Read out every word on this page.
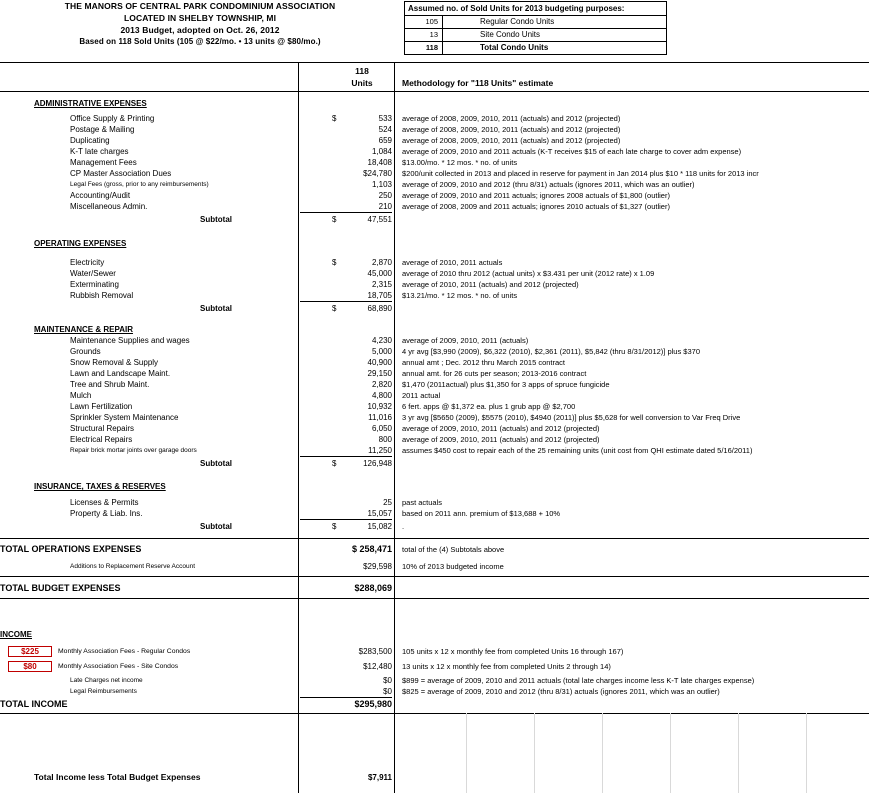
THE MANORS OF CENTRAL PARK CONDOMINIUM ASSOCIATION
LOCATED IN SHELBY TOWNSHIP, MI
2013 Budget, adopted on Oct. 26, 2012
Based on 118 Sold Units (105 @ $22/mo. • 13 units @ $80/mo.)
Assumed no. of Sold Units for 2013 budgeting purposes:
105	Regular Condo Units
13	Site Condo Units
118	Total Condo Units
118
Units	Methodology for "118 Units" estimate
ADMINISTRATIVE EXPENSES
Office Supply & Printing	$	533 average of 2008, 2009, 2010, 2011 (actuals) and 2012 (projected)
Postage & Mailing	524 average of 2008, 2009, 2010, 2011 (actuals) and 2012 (projected)
Duplicating	659 average of 2008, 2009, 2010, 2011 (actuals) and 2012 (projected)
K-T late charges	1,084 average of 2009, 2010 and 2011 actuals (K-T receives $15 of each late charge to cover adm expense)
Management Fees	18,408 $13.00/mo. * 12 mos. * no. of units
CP Master Association Dues	$24,780 $200/unit collected in 2013 and placed in reserve for payment in Jan 2014 plus $10 * 118 units for 2013 incr
Legal Fees (gross, prior to any reimbursements)	1,103 average of 2009, 2010 and 2012 (thru 8/31) actuals (ignores 2011, which was an outlier)
Accounting/Audit	250 average of 2009, 2010 and 2011 actuals; ignores 2008 actuals of $1,800 (outlier)
Miscellaneous Admin.	210 average of 2008, 2009 and 2011 actuals; ignores 2010 actuals of $1,327 (outlier)
Subtotal	$	47,551
OPERATING EXPENSES
Electricity	$	2,870 average of 2010, 2011 actuals
Water/Sewer	45,000 average of 2010 thru 2012 (actual units) x $3.431 per unit (2012 rate) x 1.09
Exterminating	2,315 average of 2010, 2011 (actuals) and 2012 (projected)
Rubbish Removal	18,705 $13.21/mo. * 12 mos. * no. of units
Subtotal	$	68,890
MAINTENANCE & REPAIR
Maintenance Supplies and wages	4,230 average of 2009, 2010, 2011 (actuals)
Grounds	5,000 4 yr avg [$3,990 (2009), $6,322 (2010), $2,361 (2011), $5,842 (thru 8/31/2012)] plus $370
Snow Removal & Supply	40,900 annual amt ; Dec. 2012 thru March 2015 contract
Lawn and Landscape Maint.	29,150 annual amt. for 26 cuts per season; 2013-2016 contract
Tree and Shrub Maint.	2,820 $1,470 (2011actual) plus $1,350 for 3 apps of spruce fungicide
Mulch	4,800 2011 actual
Lawn Fertilization	10,932 6 fert. apps @ $1,372 ea. plus 1 grub app @ $2,700
Sprinkler System Maintenance	11,016 3 yr avg [$5650 (2009), $5575 (2010), $4940 (2011)] plus $5,628 for well conversion to Var Freq Drive
Structural Repairs	6,050 average of 2009, 2010, 2011 (actuals) and 2012 (projected)
Electrical Repairs	800 average of 2009, 2010, 2011 (actuals) and 2012 (projected)
Repair brick mortar joints over garage doors	11,250 assumes $450 cost to repair each of the 25 remaining units (unit cost from QHI estimate dated 5/16/2011)
Subtotal	$	126,948
INSURANCE, TAXES & RESERVES
Licenses & Permits	25 past actuals
Property & Liab. Ins.	15,057 based on 2011 ann. premium of $13,688 + 10%
Subtotal	$	15,082 .
TOTAL OPERATIONS EXPENSES	$ 258,471 total of the (4) Subtotals above
Additions to Replacement Reserve Account	$29,598 10% of 2013 budgeted income
TOTAL BUDGET EXPENSES	$288,069
INCOME
$225	Monthly Association Fees - Regular Condos	$283,500 105 units x 12 x monthly fee from completed Units 16 through 167)
$80	Monthly Association Fees - Site Condos	$12,480 13 units x 12 x monthly fee from completed Units 2 through 14)
Late Charges net income	$0 $899 = average of 2009, 2010 and 2011 actuals (total late charges income less K-T late charges expense)
Legal Reimbursements	$0 $825 = average of 2009, 2010 and 2012 (thru 8/31) actuals (ignores 2011, which was an outlier)
TOTAL INCOME	$295,980
Total Income less Total Budget Expenses	$7,911
